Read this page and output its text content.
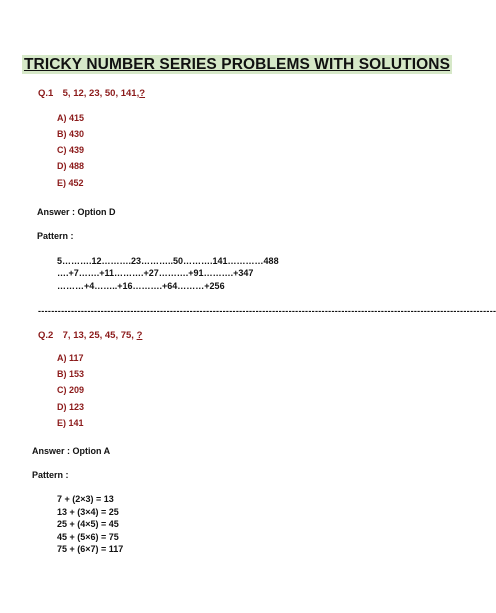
TRICKY NUMBER SERIES PROBLEMS WITH SOLUTIONS
Q.1 5, 12, 23, 50, 141,?
A) 415
B) 430
C) 439
D) 488
E) 452
Answer : Option D
Pattern :
5……….12……….23………..50……….141…………488
….+7…….+11……….+27……….+91……….+347
………+4……..+16……….+64………+256
-------------------------------------------------------------------------------------------------------------------------------------------
Q.2 7, 13, 25, 45, 75, ?
A) 117
B) 153
C) 209
D) 123
E) 141
Answer : Option A
Pattern :
7 + (2×3) = 13
13 + (3×4) = 25
25 + (4×5) = 45
45 + (5×6) = 75
75 + (6×7) = 117
